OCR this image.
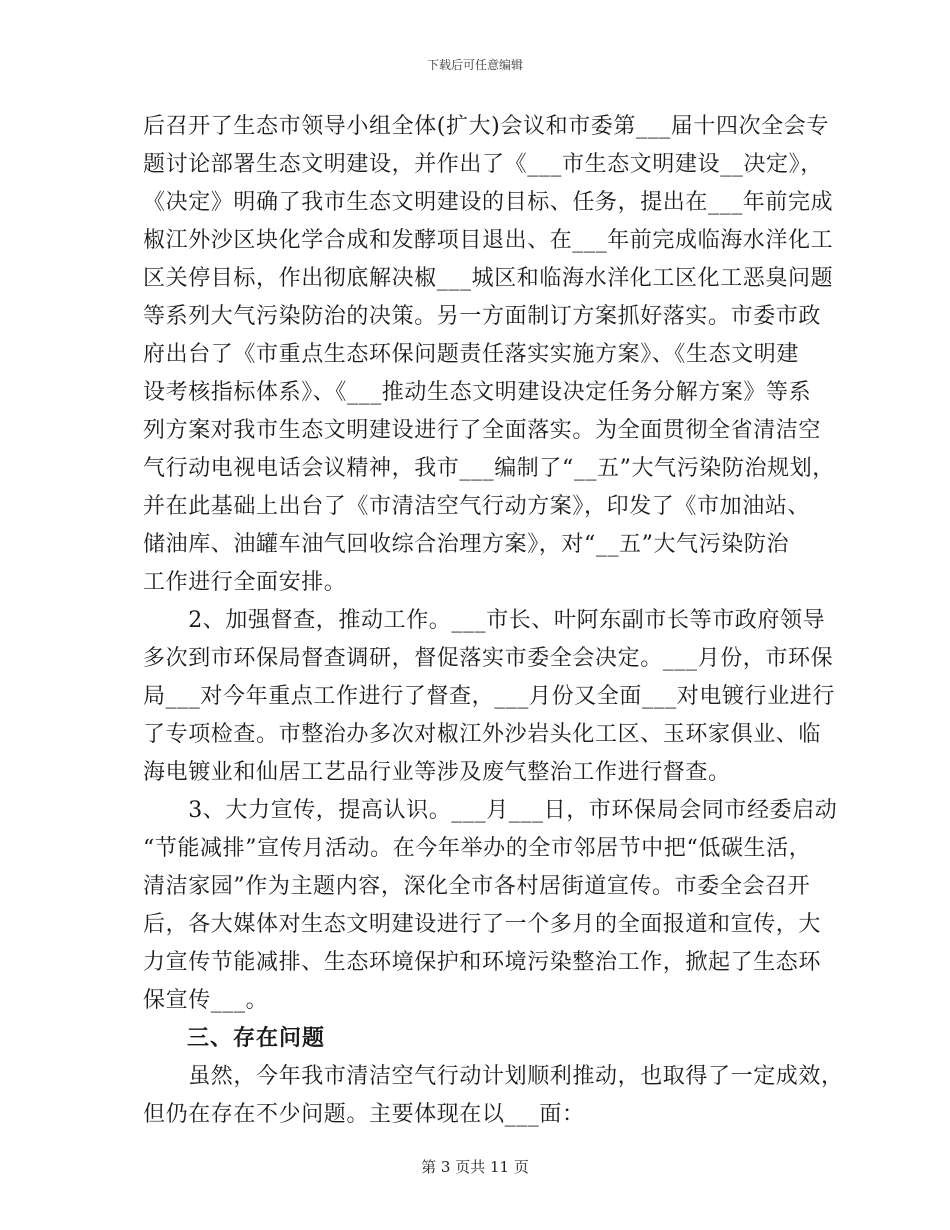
下载后可任意编辑
后召开了生态市领导小组全体(扩大)会议和市委第___届十四次全会专
题讨论部署生态文明建设，并作出了《___市生态文明建设__决定》，
《决定》明确了我市生态文明建设的目标、任务，提出在___年前完成
椒江外沙区块化学合成和发酵项目退出、在___年前完成临海水洋化工
区关停目标，作出彻底解决椒___城区和临海水洋化工区化工恶臭问题
等系列大气污染防治的决策。另一方面制订方案抓好落实。市委市政
府出台了《市重点生态环保问题责任落实实施方案》、《生态文明建
设考核指标体系》、《___推动生态文明建设决定任务分解方案》等系
列方案对我市生态文明建设进行了全面落实。为全面贯彻全省清洁空
气行动电视电话会议精神，我市___编制了“__五”大气污染防治规划，
并在此基础上出台了《市清洁空气行动方案》，印发了《市加油站、
储油库、油罐车油气回收综合治理方案》，对“__五”大气污染防治
工作进行全面安排。
　　2、加强督查，推动工作。___市长、叶阿东副市长等市政府领导
多次到市环保局督查调研，督促落实市委全会决定。___月份，市环保
局___对今年重点工作进行了督查，___月份又全面___对电镀行业进行
了专项检查。市整治办多次对椒江外沙岩头化工区、玉环家俱业、临
海电镀业和仙居工艺品行业等涉及废气整治工作进行督查。
　　3、大力宣传，提高认识。___月___日，市环保局会同市经委启动
“节能减排”宣传月活动。在今年举办的全市邻居节中把“低碳生活，
清洁家园”作为主题内容，深化全市各村居街道宣传。市委全会召开
后，各大媒体对生态文明建设进行了一个多月的全面报道和宣传，大
力宣传节能减排、生态环境保护和环境污染整治工作，掀起了生态环
保宣传___。
三、存在问题
　　虽然，今年我市清洁空气行动计划顺利推动，也取得了一定成效，
但仍在存在不少问题。主要体现在以___面：
第 3 页共 11 页
